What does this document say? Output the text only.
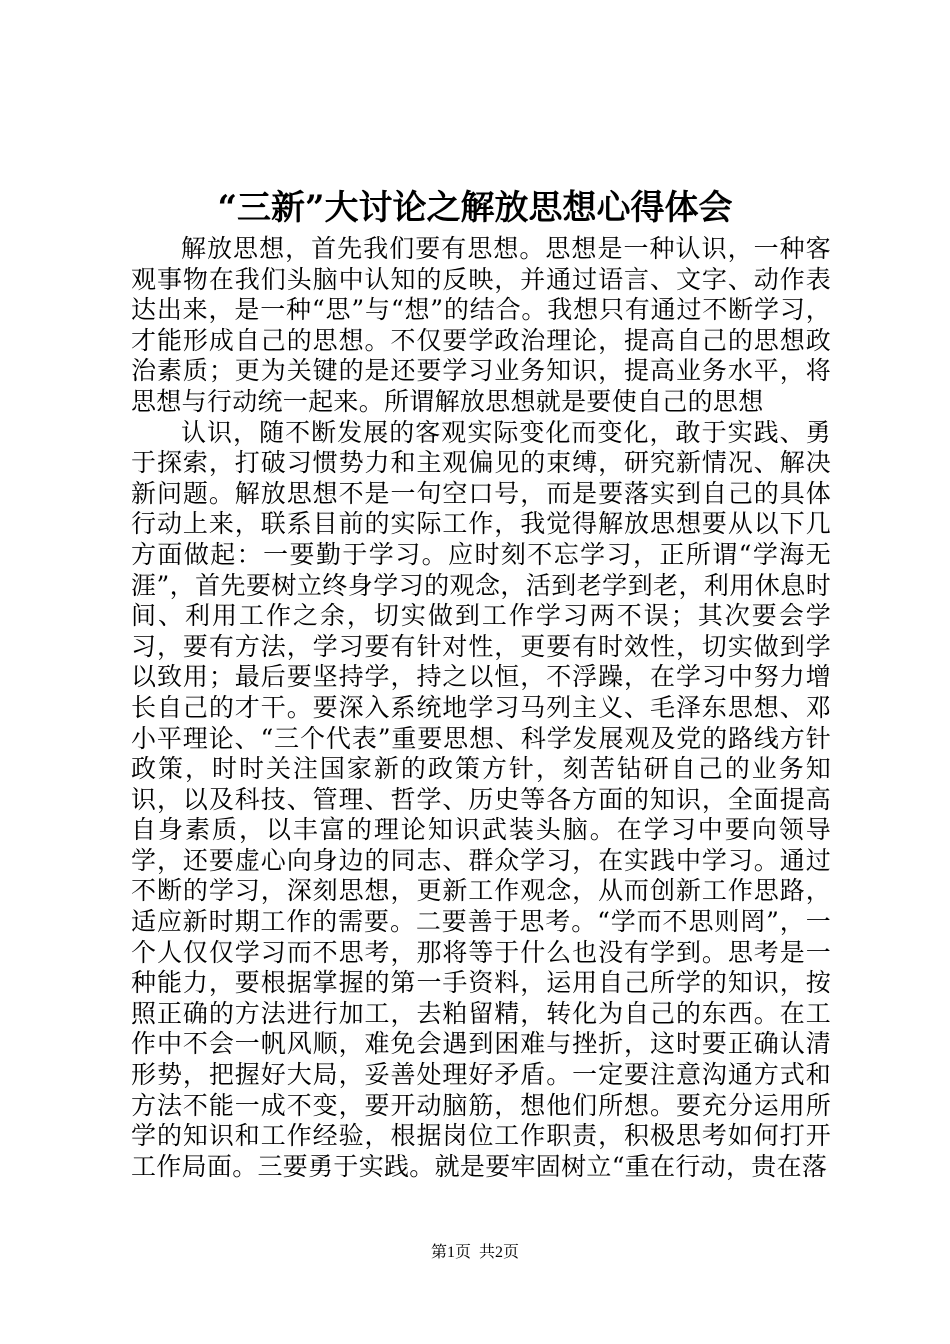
“三新”大讨论之解放思想心得体会

解放思想，首先我们要有思想。思想是一种认识，一种客观事物在我们头脑中认知的反映，并通过语言、文字、动作表达出来，是一种“思”与“想”的结合。我想只有通过不断学习，才能形成自己的思想。不仅要学政治理论，提高自己的思想政治素质；更为关键的是还要学习业务知识，提高业务水平，将思想与行动统一起来。所谓解放思想就是要使自己的思想

认识，随不断发展的客观实际变化而变化，敢于实践、勇于探索，打破习惯势力和主观偏见的束缚，研究新情况、解决新问题。解放思想不是一句空口号，而是要落实到自己的具体行动上来，联系目前的实际工作，我觉得解放思想要从以下几方面做起：一要勤于学习。应时刻不忘学习，正所谓“学海无涯”，首先要树立终身学习的观念，活到老学到老，利用休息时间、利用工作之余，切实做到工作学习两不误；其次要会学习，要有方法，学习要有针对性，更要有时效性，切实做到学以致用；最后要坚持学，持之以恒，不浮躁，在学习中努力增长自己的才干。要深入系统地学习马列主义、毛泽东思想、邓小平理论、“三个代表”重要思想、科学发展观及党的路线方针政策，时时关注国家新的政策方针，刻苦钻研自己的业务知识，以及科技、管理、哲学、历史等各方面的知识，全面提高自身素质，以丰富的理论知识武装头脑。在学习中要向领导学，还要虚心向身边的同志、群众学习，在实践中学习。通过不断的学习，深刻思想，更新工作观念，从而创新工作思路，适应新时期工作的需要。二要善于思考。“学而不思则罔”，一个人仅仅学习而不思考，那将等于什么也没有学到。思考是一种能力，要根据掌握的第一手资料，运用自己所学的知识，按照正确的方法进行加工，去粕留精，转化为自己的东西。在工作中不会一帆风顺，难免会遇到困难与挫折，这时要正确认清形势，把握好大局，妥善处理好矛盾。一定要注意沟通方式和方法不能一成不变，要开动脑筋，想他们所想。要充分运用所学的知识和工作经验，根据岗位工作职责，积极思考如何打开工作局面。三要勇于实践。就是要牢固树立“重在行动，贵在落

第1页  共2页
